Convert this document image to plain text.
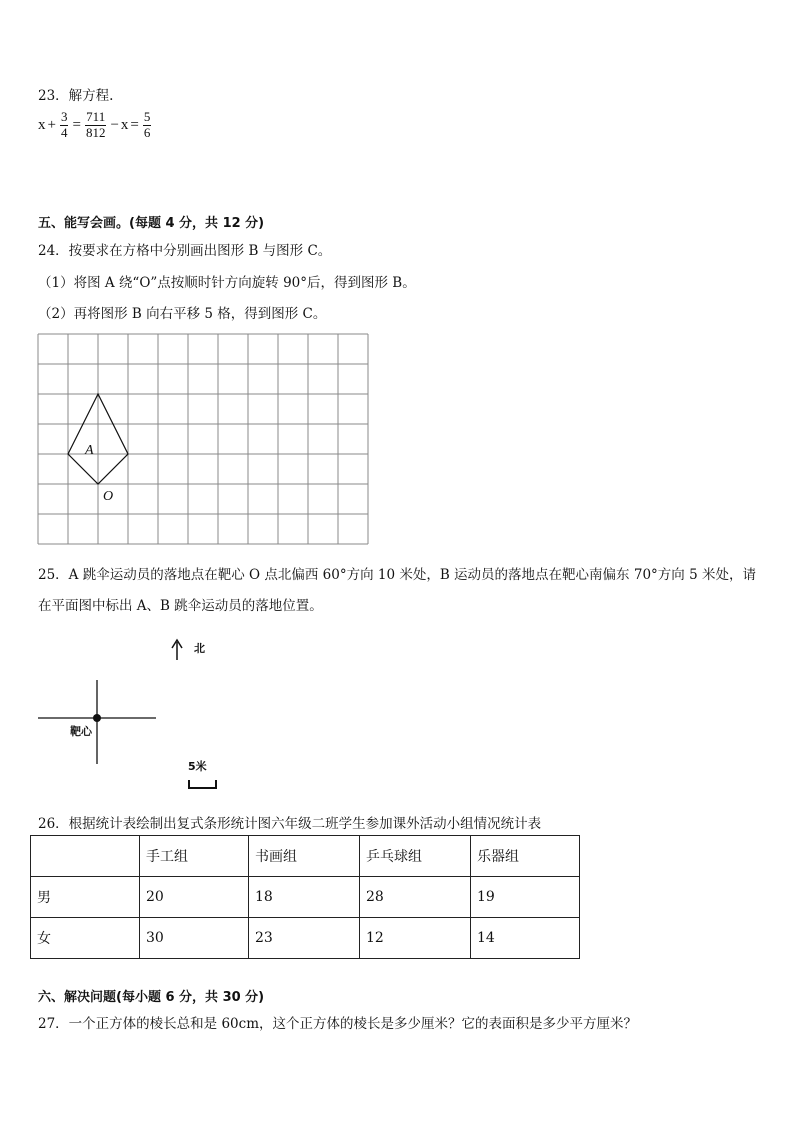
23．解方程.
$x + \frac{3}{4} = \frac{711}{812} - x = \frac{5}{6}$
五、能写会画。(每题 4 分，共 12 分)
24．按要求在方格中分别画出图形 B 与图形 C。
（1）将图 A 绕“O”点按顺时针方向旋转 90°后，得到图形 B。
（2）再将图形 B 向右平移 5 格，得到图形 C。
A
O
25．A 跳伞运动员的落地点在靶心 O 点北偏西 60°方向 10 米处，B 运动员的落地点在靶心南偏东 70°方向 5 米处，请
在平面图中标出 A、B 跳伞运动员的落地位置。
北
靶心
5米
26．根据统计表绘制出复式条形统计图六年级二班学生参加课外活动小组情况统计表
	手工组	书画组	乒乓球组	乐器组
男	20	18	28	19
女	30	23	12	14
六、解决问题(每小题 6 分，共 30 分)
27．一个正方体的棱长总和是 60cm，这个正方体的棱长是多少厘米？它的表面积是多少平方厘米？
